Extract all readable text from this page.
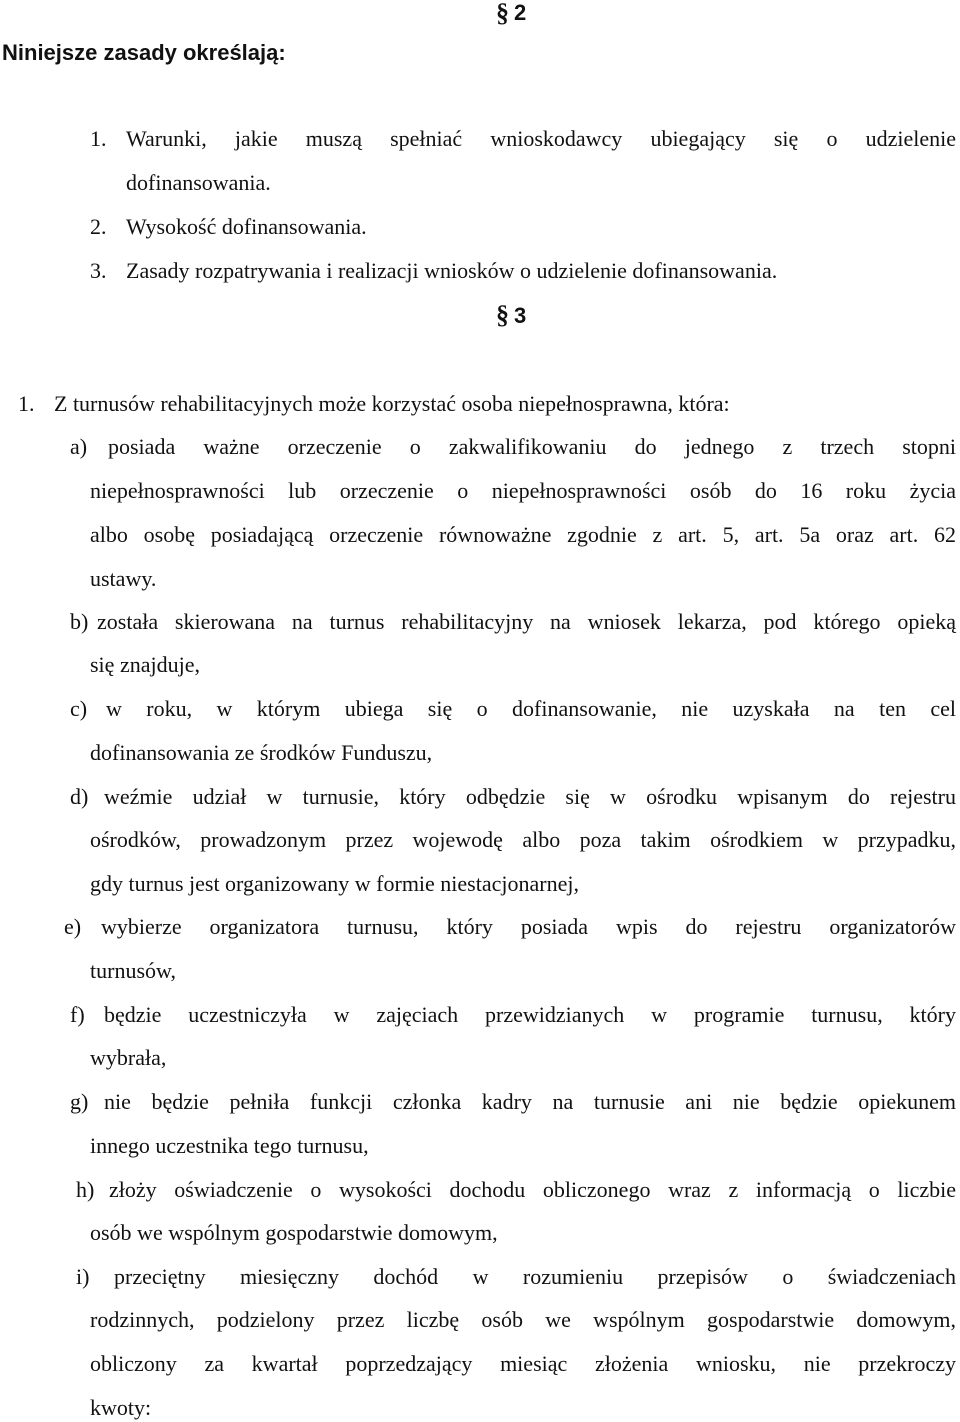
§ 2
Niniejsze zasady określają:
1. Warunki, jakie muszą spełniać wnioskodawcy ubiegający się o udzielenie
dofinansowania.
2. Wysokość dofinansowania.
3. Zasady rozpatrywania i realizacji wniosków o udzielenie dofinansowania.
§ 3
1. Z turnusów rehabilitacyjnych może korzystać osoba niepełnosprawna, która:
a) posiada ważne orzeczenie o zakwalifikowaniu do jednego z trzech stopni
niepełnosprawności lub orzeczenie o niepełnosprawności osób do 16 roku życia
albo osobę posiadającą orzeczenie równoważne zgodnie z art. 5, art. 5a oraz art. 62
ustawy.
b) została skierowana na turnus rehabilitacyjny na wniosek lekarza, pod którego opieką
się znajduje,
c) w roku, w którym ubiega się o dofinansowanie, nie uzyskała na ten cel
dofinansowania ze środków Funduszu,
d) weźmie udział w turnusie, który odbędzie się w ośrodku wpisanym do rejestru
ośrodków, prowadzonym przez wojewodę albo poza takim ośrodkiem w przypadku,
gdy turnus jest organizowany w formie niestacjonarnej,
e) wybierze organizatora turnusu, który posiada wpis do rejestru organizatorów
turnusów,
f) będzie uczestniczyła w zajęciach przewidzianych w programie turnusu, który
wybrała,
g) nie będzie pełniła funkcji członka kadry na turnusie ani nie będzie opiekunem
innego uczestnika tego turnusu,
h) złoży oświadczenie o wysokości dochodu obliczonego wraz z informacją o liczbie
osób we wspólnym gospodarstwie domowym,
i) przeciętny miesięczny dochód w rozumieniu przepisów o świadczeniach
rodzinnych, podzielony przez liczbę osób we wspólnym gospodarstwie domowym,
obliczony za kwartał poprzedzający miesiąc złożenia wniosku, nie przekroczy
kwoty:
